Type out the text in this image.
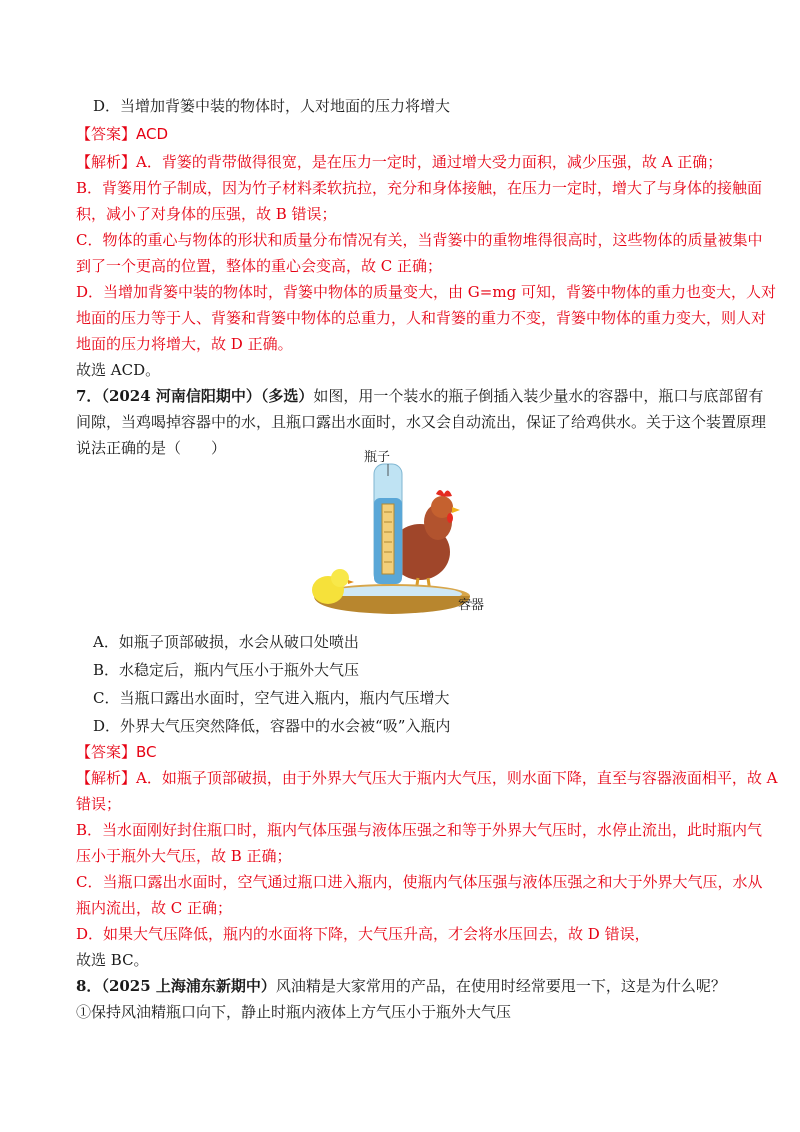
D．当增加背篓中装的物体时，人对地面的压力将增大
【答案】ACD
【解析】A．背篓的背带做得很宽，是在压力一定时，通过增大受力面积，减少压强，故 A 正确；
B．背篓用竹子制成，因为竹子材料柔软抗拉，充分和身体接触，在压力一定时，增大了与身体的接触面
积，减小了对身体的压强，故 B 错误；
C．物体的重心与物体的形状和质量分布情况有关，当背篓中的重物堆得很高时，这些物体的质量被集中
到了一个更高的位置，整体的重心会变高，故 C 正确；
D．当增加背篓中装的物体时，背篓中物体的质量变大，由 G=mg 可知，背篓中物体的重力也变大，人对
地面的压力等于人、背篓和背篓中物体的总重力，人和背篓的重力不变，背篓中物体的重力变大，则人对
地面的压力将增大，故 D 正确。
故选 ACD。
7．（2024 河南信阳期中）（多选）如图，用一个装水的瓶子倒插入装少量水的容器中，瓶口与底部留有
间隙，当鸡喝掉容器中的水，且瓶口露出水面时，水又会自动流出，保证了给鸡供水。关于这个装置原理
说法正确的是（　　）
瓶子
容器
A．如瓶子顶部破损，水会从破口处喷出
B．水稳定后，瓶内气压小于瓶外大气压
C．当瓶口露出水面时，空气进入瓶内，瓶内气压增大
D．外界大气压突然降低，容器中的水会被“吸”入瓶内
【答案】BC
【解析】A．如瓶子顶部破损，由于外界大气压大于瓶内大气压，则水面下降，直至与容器液面相平，故 A
错误；
B．当水面刚好封住瓶口时，瓶内气体压强与液体压强之和等于外界大气压时，水停止流出，此时瓶内气
压小于瓶外大气压，故 B 正确；
C．当瓶口露出水面时，空气通过瓶口进入瓶内，使瓶内气体压强与液体压强之和大于外界大气压，水从
瓶内流出，故 C 正确；
D．如果大气压降低，瓶内的水面将下降，大气压升高，才会将水压回去，故 D 错误，
故选 BC。
8．（2025 上海浦东新期中）风油精是大家常用的产品，在使用时经常要甩一下，这是为什么呢？
①保持风油精瓶口向下，静止时瓶内液体上方气压小于瓶外大气压
